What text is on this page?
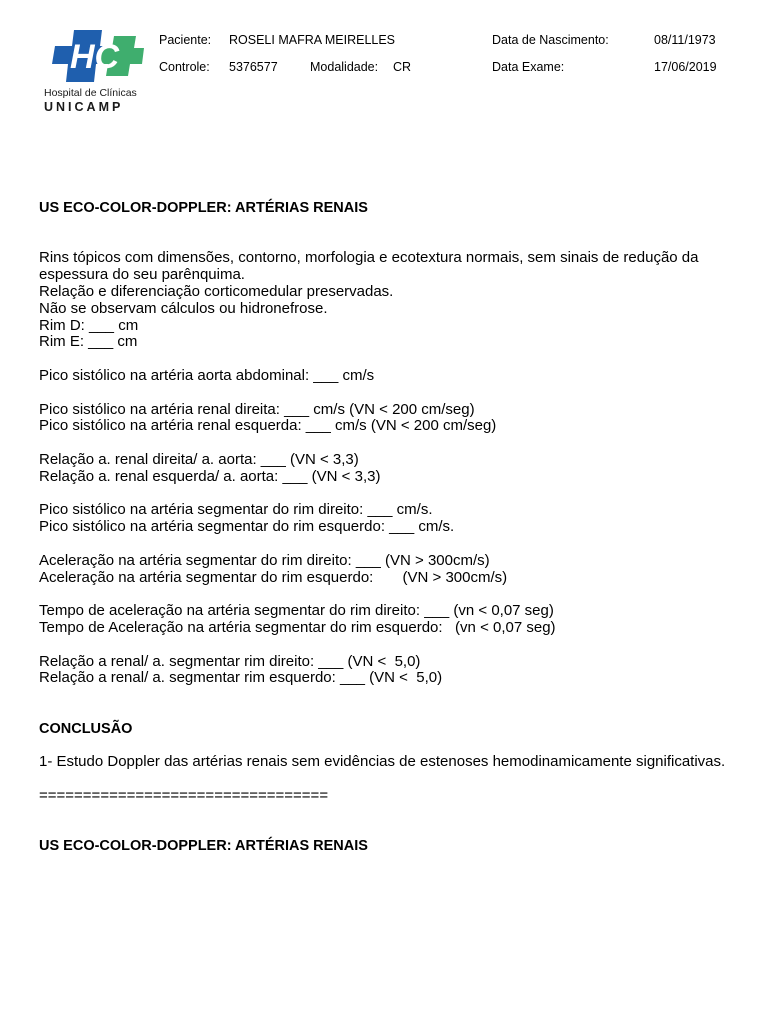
HC
Hospital de Clínicas
UNICAMP
Paciente: ROSELI MAFRA MEIRELLES	Data de Nascimento:	08/11/1973
Controle: 5376577	Modalidade: CR	Data Exame:	17/06/2019

US ECO-COLOR-DOPPLER: ARTÉRIAS RENAIS

Rins tópicos com dimensões, contorno, morfologia e ecotextura normais, sem sinais de redução da espessura do seu parênquima.

Relação e diferenciação corticomedular preservadas.

Não se observam cálculos ou hidronefrose.

Rim D: ___ cm

Rim E: ___ cm

Pico sistólico na artéria aorta abdominal: ___ cm/s

Pico sistólico na artéria renal direita: ___ cm/s (VN < 200 cm/seg)

Pico sistólico na artéria renal esquerda: ___ cm/s (VN < 200 cm/seg)

Relação a. renal direita/ a. aorta: ___ (VN < 3,3)

Relação a. renal esquerda/ a. aorta: ___ (VN < 3,3)

Pico sistólico na artéria segmentar do rim direito: ___ cm/s.

Pico sistólico na artéria segmentar do rim esquerdo: ___ cm/s.

Aceleração na artéria segmentar do rim direito: ___ (VN > 300cm/s)

Aceleração na artéria segmentar do rim esquerdo:       (VN > 300cm/s)

Tempo de aceleração na artéria segmentar do rim direito: ___ (vn < 0,07 seg)

Tempo de Aceleração na artéria segmentar do rim esquerdo:   (vn < 0,07 seg)

Relação a renal/ a. segmentar rim direito: ___ (VN <  5,0)

Relação a renal/ a. segmentar rim esquerdo: ___ (VN <  5,0)

CONCLUSÃO

1- Estudo Doppler das artérias renais sem evidências de estenoses hemodinamicamente significativas.

=================================

US ECO-COLOR-DOPPLER: ARTÉRIAS RENAIS
